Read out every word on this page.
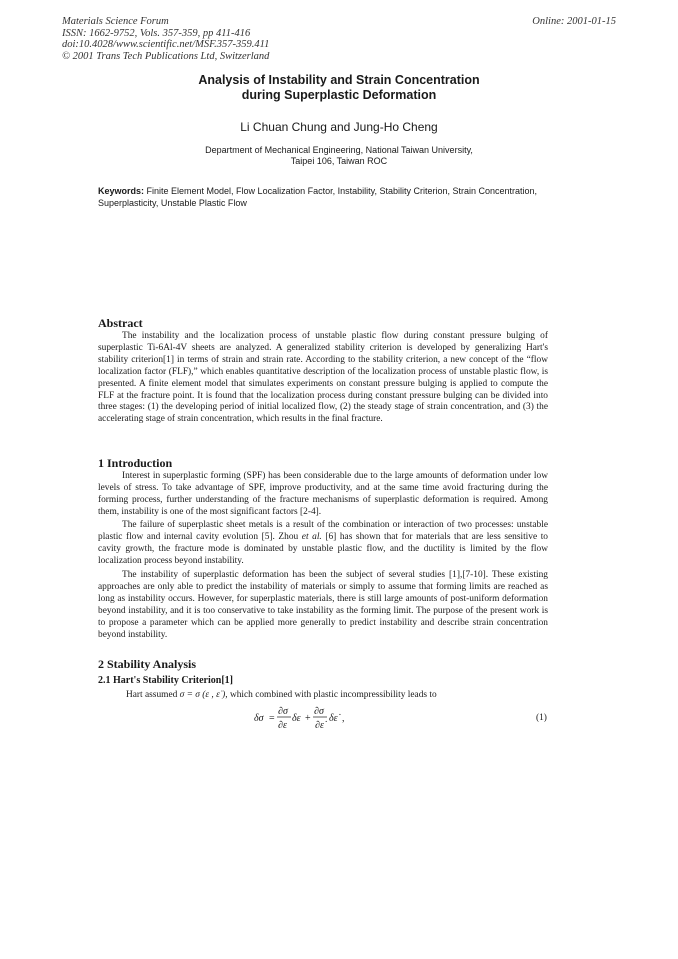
Materials Science Forum
ISSN: 1662-9752, Vols. 357-359, pp 411-416
doi:10.4028/www.scientific.net/MSF.357-359.411
© 2001 Trans Tech Publications Ltd, Switzerland
Online: 2001-01-15
Analysis of Instability and Strain Concentration
during Superplastic Deformation
Li Chuan Chung and Jung-Ho Cheng
Department of Mechanical Engineering, National Taiwan University,
Taipei 106, Taiwan ROC
Keywords: Finite Element Model, Flow Localization Factor, Instability, Stability Criterion, Strain Concentration, Superplasticity, Unstable Plastic Flow
Abstract
The instability and the localization process of unstable plastic flow during constant pressure bulging of superplastic Ti-6Al-4V sheets are analyzed. A generalized stability criterion is developed by generalizing Hart's stability criterion[1] in terms of strain and strain rate. According to the stability criterion, a new concept of the “flow localization factor (FLF),” which enables quantitative description of the localization process of unstable plastic flow, is presented. A finite element model that simulates experiments on constant pressure bulging is applied to compute the FLF at the fracture point. It is found that the localization process during constant pressure bulging can be divided into three stages: (1) the developing period of initial localized flow, (2) the steady stage of strain concentration, and (3) the accelerating stage of strain concentration, which results in the final fracture.
1 Introduction
Interest in superplastic forming (SPF) has been considerable due to the large amounts of deformation under low levels of stress. To take advantage of SPF, improve productivity, and at the same time avoid fracturing during the forming process, further understanding of the fracture mechanisms of superplastic deformation is required. Among them, instability is one of the most significant factors [2-4].
The failure of superplastic sheet metals is a result of the combination or interaction of two processes: unstable plastic flow and internal cavity evolution [5]. Zhou et al. [6] has shown that for materials that are less sensitive to cavity growth, the fracture mode is dominated by unstable plastic flow, and the ductility is limited by the flow localization process beyond instability.
The instability of superplastic deformation has been the subject of several studies [1],[7-10]. These existing approaches are only able to predict the instability of materials or simply to assume that forming limits are reached as long as instability occurs. However, for superplastic materials, there is still large amounts of post-uniform deformation beyond instability, and it is too conservative to take instability as the forming limit. The purpose of the present work is to propose a parameter which can be applied more generally to predict instability and describe strain concentration beyond instability.
2 Stability Analysis
2.1 Hart's Stability Criterion[1]
Hart assumed σ = σ (ε , ε̇ ), which combined with plastic incompressibility leads to
δσ =
∂σ
∂ε
δε +
∂σ
∂ε̇
δε̇ ,	(1)
